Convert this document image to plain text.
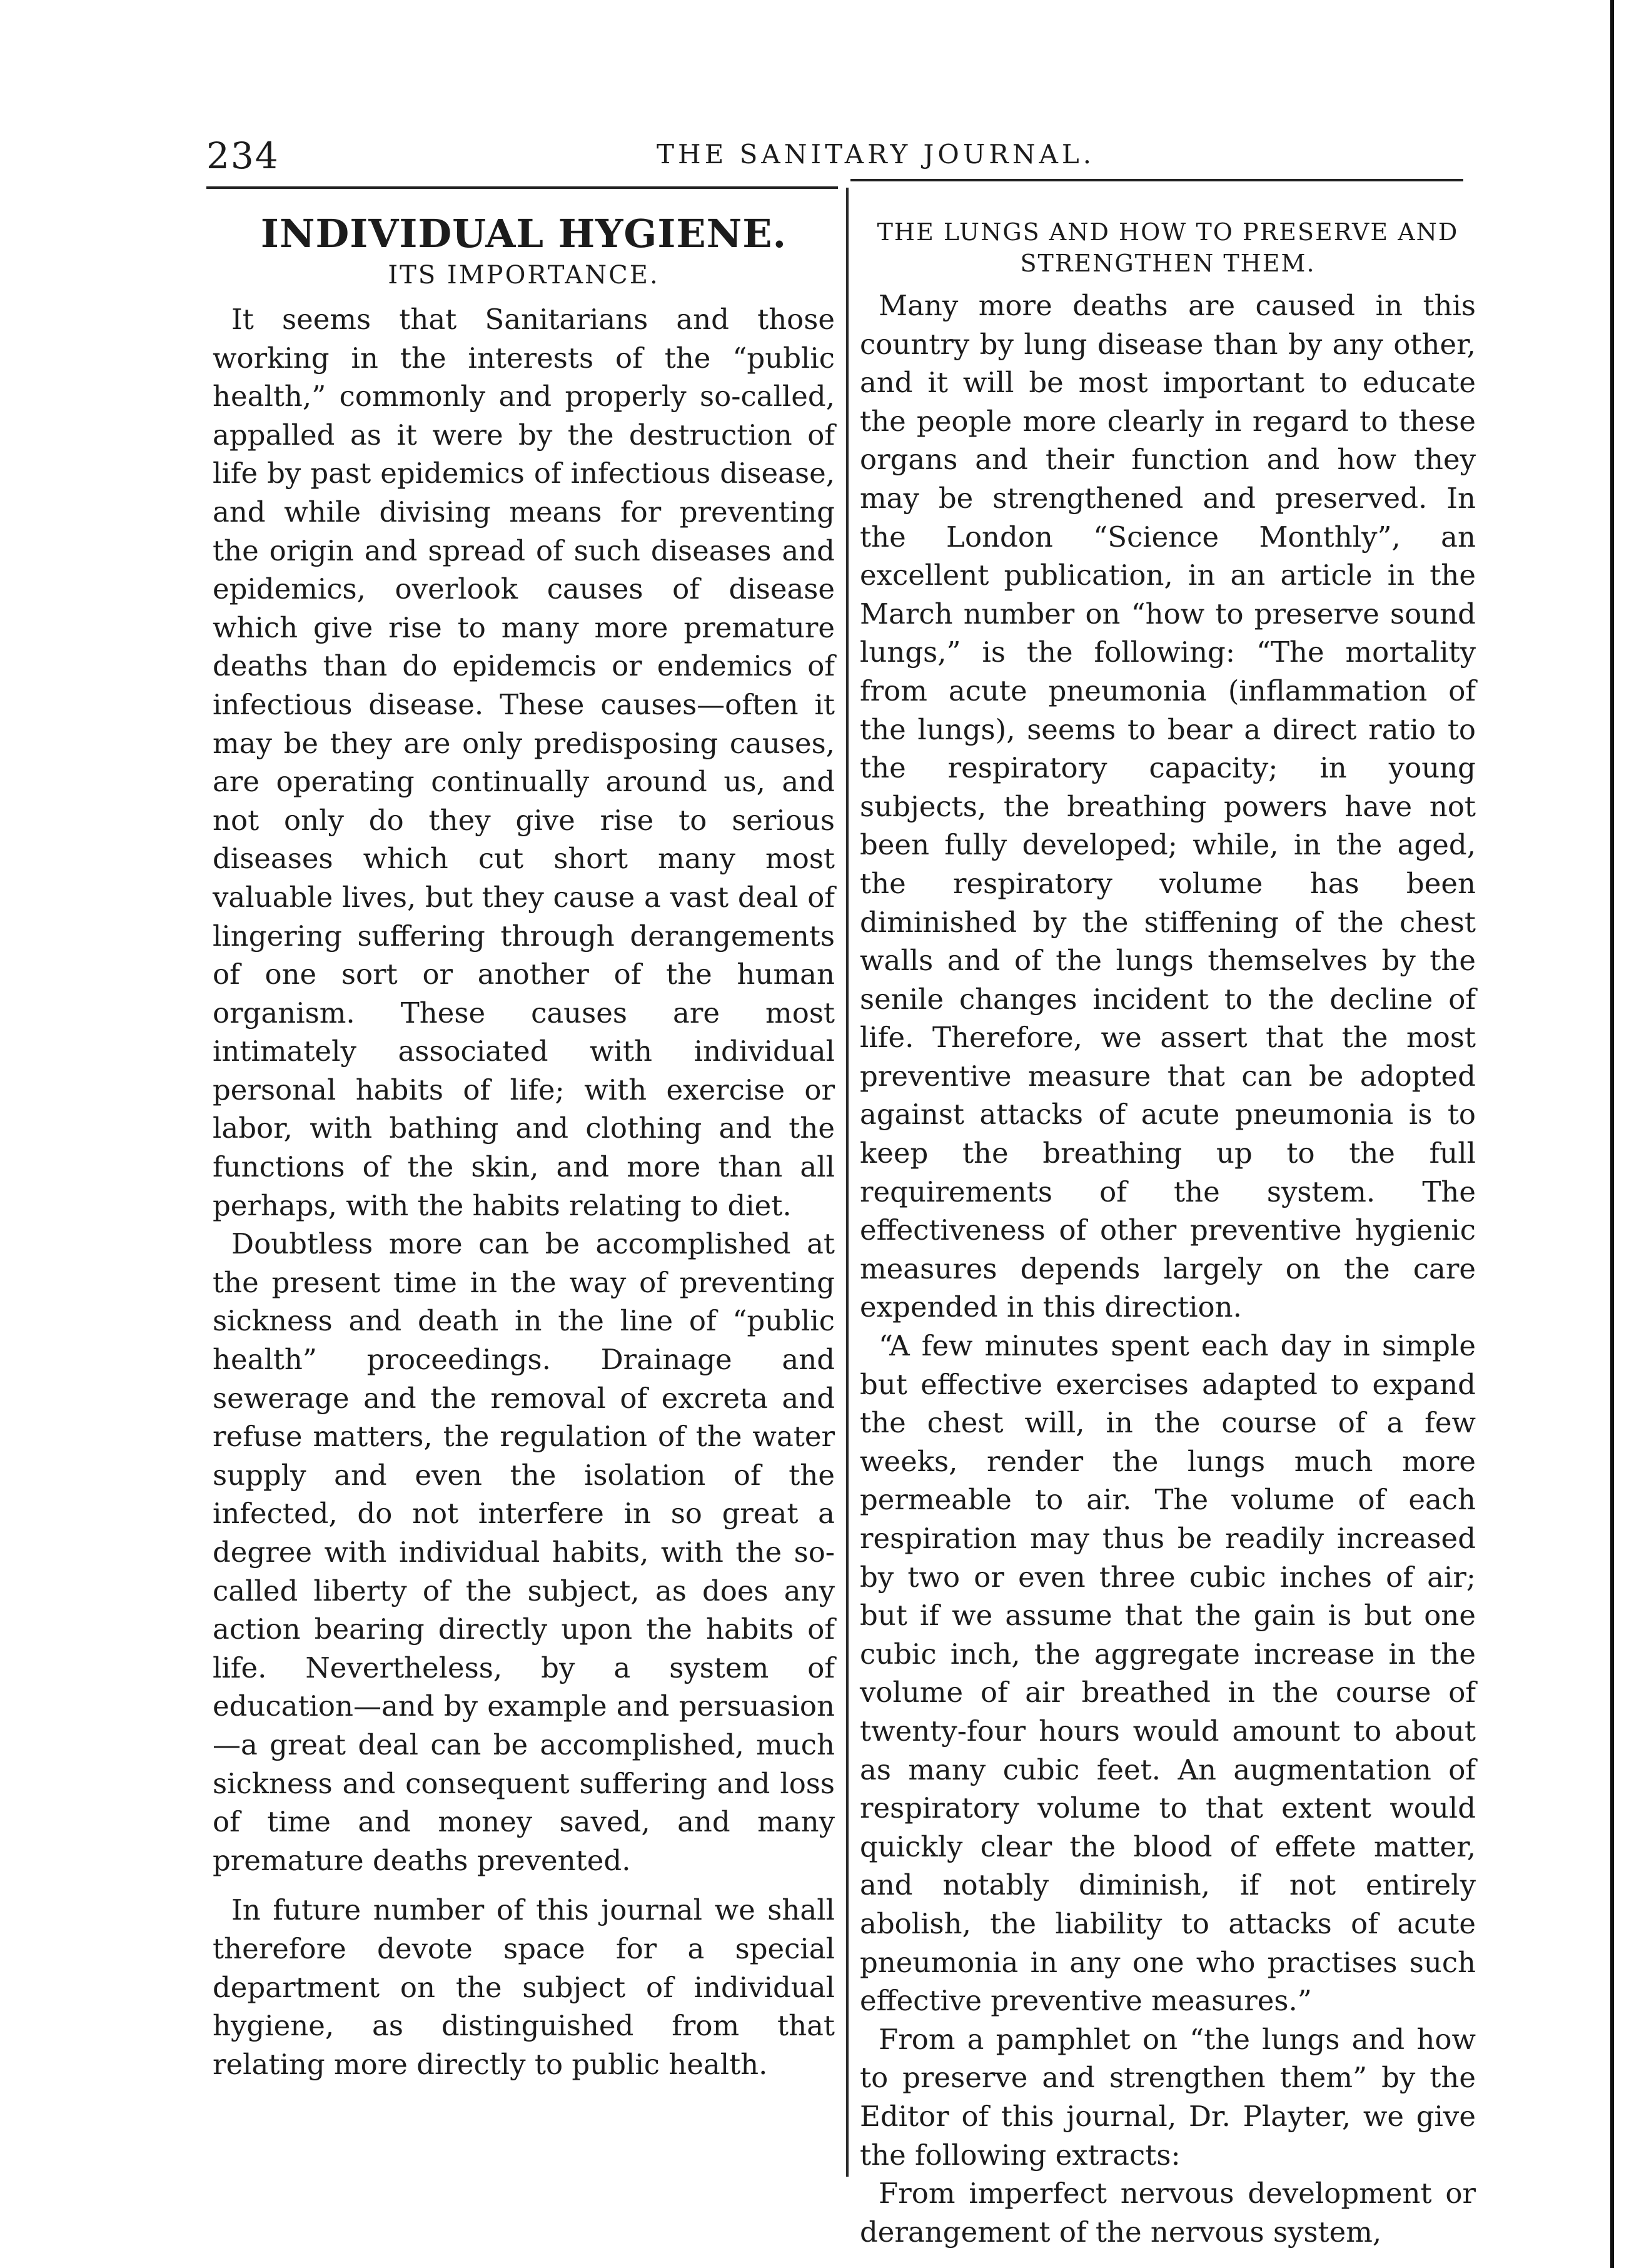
234	THE SANITARY JOURNAL.
INDIVIDUAL HYGIENE.
ITS IMPORTANCE.

It seems that Sanitarians and those working in the interests of the “public health,” commonly and properly so-called, appalled as it were by the destruction of life by past epidemics of infectious disease, and while divising means for preventing the origin and spread of such diseases and epidemics, overlook causes of disease which give rise to many more premature deaths than do epidemcis or endemics of infectious disease. These causes—often it may be they are only predisposing causes, are operating continually around us, and not only do they give rise to serious diseases which cut short many most valuable lives, but they cause a vast deal of lingering suffering through derangements of one sort or another of the human organism. These causes are most intimately associated with individual personal habits of life; with exercise or labor, with bathing and clothing and the functions of the skin, and more than all perhaps, with the habits relating to diet.

Doubtless more can be accomplished at the present time in the way of preventing sickness and death in the line of “public health” proceedings. Drainage and sewerage and the removal of excreta and refuse matters, the regulation of the water supply and even the isolation of the infected, do not interfere in so great a degree with individual habits, with the so-called liberty of the subject, as does any action bearing directly upon the habits of life. Nevertheless, by a system of education—and by example and persuasion—a great deal can be accomplished, much sickness and consequent suffering and loss of time and money saved, and many premature deaths prevented.

In future number of this journal we shall therefore devote space for a special department on the subject of individual hygiene, as distinguished from that relating more directly to public health.

THE LUNGS AND HOW TO PRESERVE AND STRENGTHEN THEM.

Many more deaths are caused in this country by lung disease than by any other, and it will be most important to educate the people more clearly in regard to these organs and their function and how they may be strengthened and preserved. In the London “Science Monthly”, an excellent publication, in an article in the March number on “how to preserve sound lungs,” is the following: “The mortality from acute pneumonia (inflammation of the lungs), seems to bear a direct ratio to the respiratory capacity; in young subjects, the breathing powers have not been fully developed; while, in the aged, the respiratory volume has been diminished by the stiffening of the chest walls and of the lungs themselves by the senile changes incident to the decline of life. Therefore, we assert that the most preventive measure that can be adopted against attacks of acute pneumonia is to keep the breathing up to the full requirements of the system. The effectiveness of other preventive hygienic measures depends largely on the care expended in this direction.

“A few minutes spent each day in simple but effective exercises adapted to expand the chest will, in the course of a few weeks, render the lungs much more permeable to air. The volume of each respiration may thus be readily increased by two or even three cubic inches of air; but if we assume that the gain is but one cubic inch, the aggregate increase in the volume of air breathed in the course of twenty-four hours would amount to about as many cubic feet. An augmentation of respiratory volume to that extent would quickly clear the blood of effete matter, and notably diminish, if not entirely abolish, the liability to attacks of acute pneumonia in any one who practises such effective preventive measures.”

From a pamphlet on “the lungs and how to preserve and strengthen them” by the Editor of this journal, Dr. Playter, we give the following extracts:

From imperfect nervous development or derangement of the nervous system,
